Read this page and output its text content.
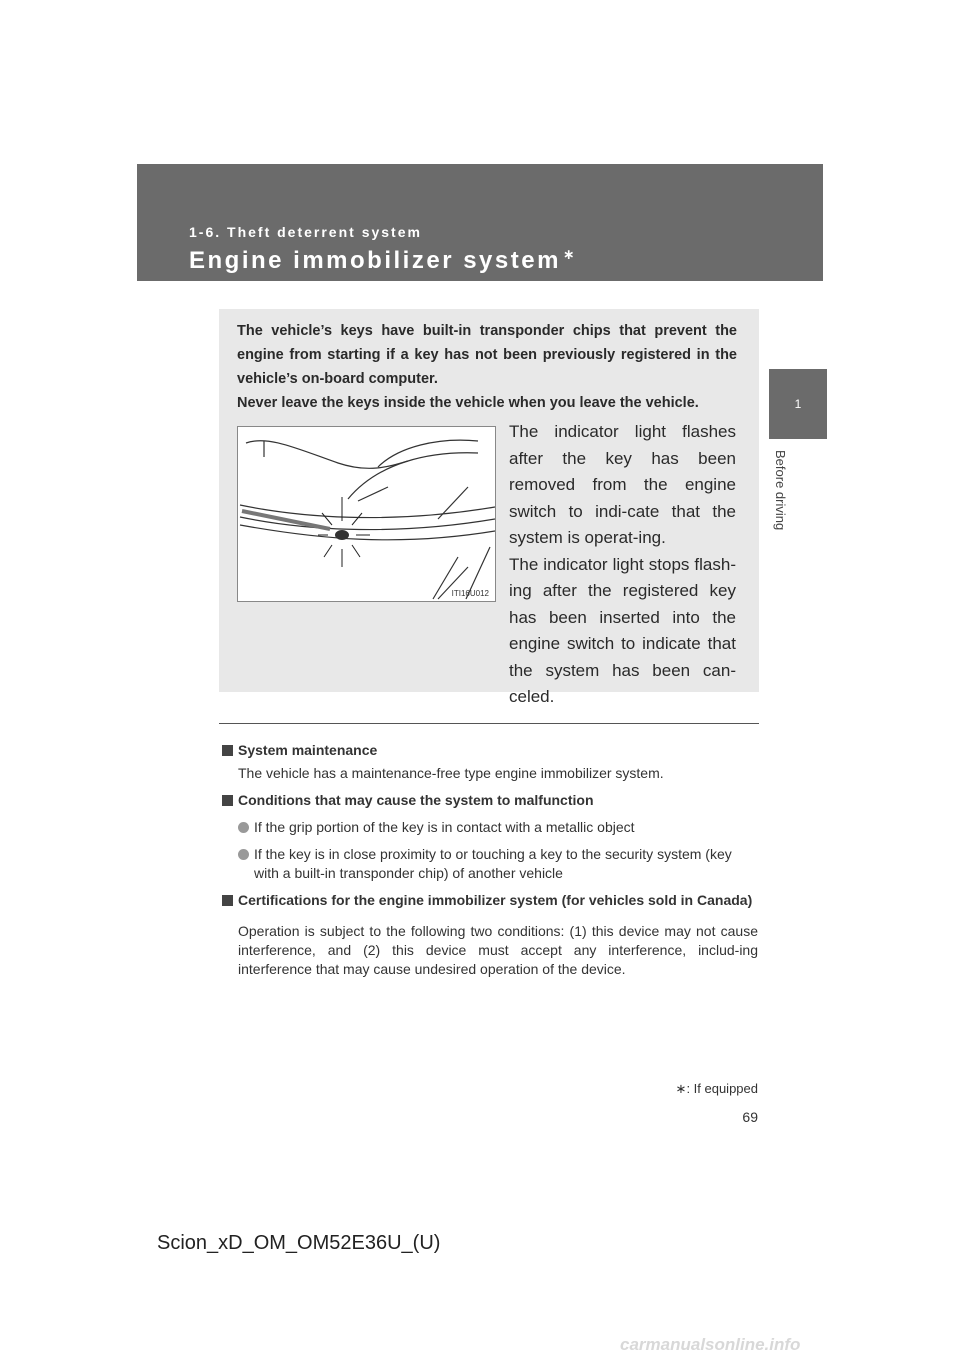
1-6. Theft deterrent system
Engine immobilizer system ∗
1
Before driving

The vehicle’s keys have built-in transponder chips that prevent the engine from starting if a key has not been previously registered in the vehicle’s on-board computer.

Never leave the keys inside the vehicle when you leave the vehicle.

ITI16U012

The indicator light flashes after the key has been removed from the engine switch to indi-cate that the system is operat-ing.

The indicator light stops flash-ing after the registered key has been inserted into the engine switch to indicate that the system has been can-celed.

System maintenance
The vehicle has a maintenance-free type engine immobilizer system.
Conditions that may cause the system to malfunction
If the grip portion of the key is in contact with a metallic object
If the key is in close proximity to or touching a key to the security system (key with a built-in transponder chip) of another vehicle
Certifications for the engine immobilizer system (for vehicles sold in Canada)
Operation is subject to the following two conditions: (1) this device may not cause interference, and (2) this device must accept any interference, includ-ing interference that may cause undesired operation of the device.
∗: If equipped
69
Scion_xD_OM_OM52E36U_(U)
carmanualsonline.info
